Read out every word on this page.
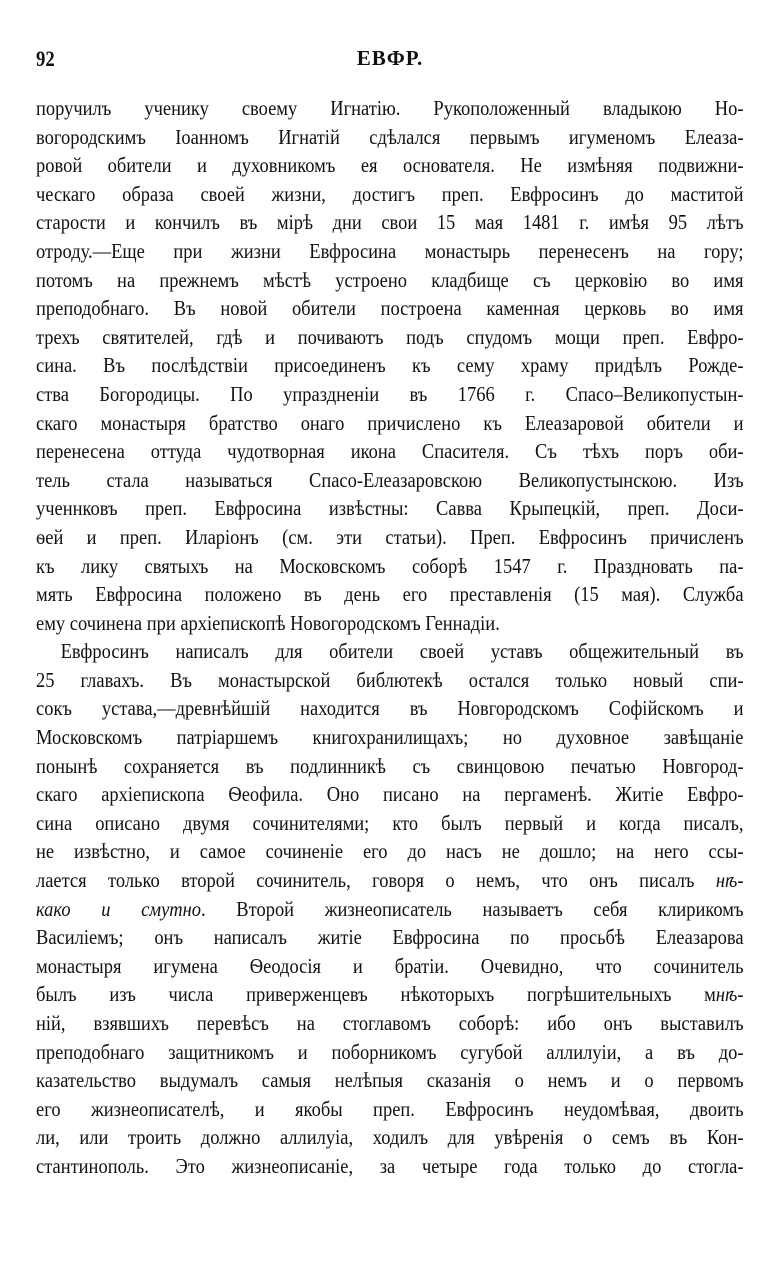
92	ЕВФР.
поручилъ ученику своему Игнатію. Рукоположенный владыкою Но-
вогородскимъ Іоанномъ Игнатій сдѣлался первымъ игуменомъ Елеаза-
ровой обители и духовникомъ ея основателя. Не измѣняя подвижни-
ческаго образа своей жизни, достигъ преп. Евфросинъ до маститой
старости и кончилъ въ мірѣ дни свои 15 мая 1481 г. имѣя 95 лѣтъ
отроду.—Еще при жизни Евфросина монастырь перенесенъ на гору;
потомъ на прежнемъ мѣстѣ устроено кладбище съ церковію во имя
преподобнаго. Въ новой обители построена каменная церковь во имя
трехъ святителей, гдѣ и почиваютъ подъ спудомъ мощи преп. Евфро-
сина. Въ послѣдствіи присоединенъ къ сему храму придѣлъ Рожде-
ства Богородицы. По упраздненіи въ 1766 г. Спасо–Великопустын-
скаго монастыря братство онаго причислено къ Елеазаровой обители и
перенесена оттуда чудотворная икона Спасителя. Съ тѣхъ поръ оби-
тель стала называться Спасо-Елеазаровскою Великопустынскою. Изъ
ученнковъ преп. Евфросина извѣстны: Савва Крыпецкій, преп. Доси-
ѳей и преп. Иларіонъ (см. эти статьи). Преп. Евфросинъ причисленъ
къ лику святыхъ на Московскомъ соборѣ 1547 г. Праздновать па-
мять Евфросина положено въ день его преставленія (15 мая). Служба
ему сочинена при архіепископѣ Новогородскомъ Геннадіи.
Евфросинъ написалъ для обители своей уставъ общежительный въ
25 главахъ. Въ монастырской библютекѣ остался только новый спи-
сокъ устава,—древнѣйшій находится въ Новгородскомъ Софійскомъ и
Московскомъ патріаршемъ книгохранилищахъ; но духовное завѣщаніе
понынѣ сохраняется въ подлинникѣ съ свинцовою печатью Новгород-
скаго архіепископа Ѳеофила. Оно писано на пергаменѣ. Житіе Евфро-
сина описано двумя сочинителями; кто былъ первый и когда писалъ,
не извѣстно, и самое сочиненіе его до насъ не дошло; на него ссы-
лается только второй сочинитель, говоря о немъ, что онъ писалъ нѣ-
како и смутно. Второй жизнеописатель называетъ себя клирикомъ
Василіемъ; онъ написалъ житіе Евфросина по просьбѣ Елеазарова
монастыря игумена Ѳеодосія и братіи. Очевидно, что сочинитель
былъ изъ числа приверженцевъ нѣкоторыхъ погрѣшительныхъ мнѣ-
ній, взявшихъ перевѣсъ на стоглавомъ соборѣ: ибо онъ выставилъ
преподобнаго защитникомъ и поборникомъ сугубой аллилуіи, а въ до-
казательство выдумалъ самыя нелѣпыя сказанія о немъ и о первомъ
его жизнеописателѣ, и якобы преп. Евфросинъ неудомѣвая, двоить
ли, или троить должно аллилуіа, ходилъ для увѣренія о семъ въ Кон-
стантинополь. Это жизнеописаніе, за четыре года только до стогла-
